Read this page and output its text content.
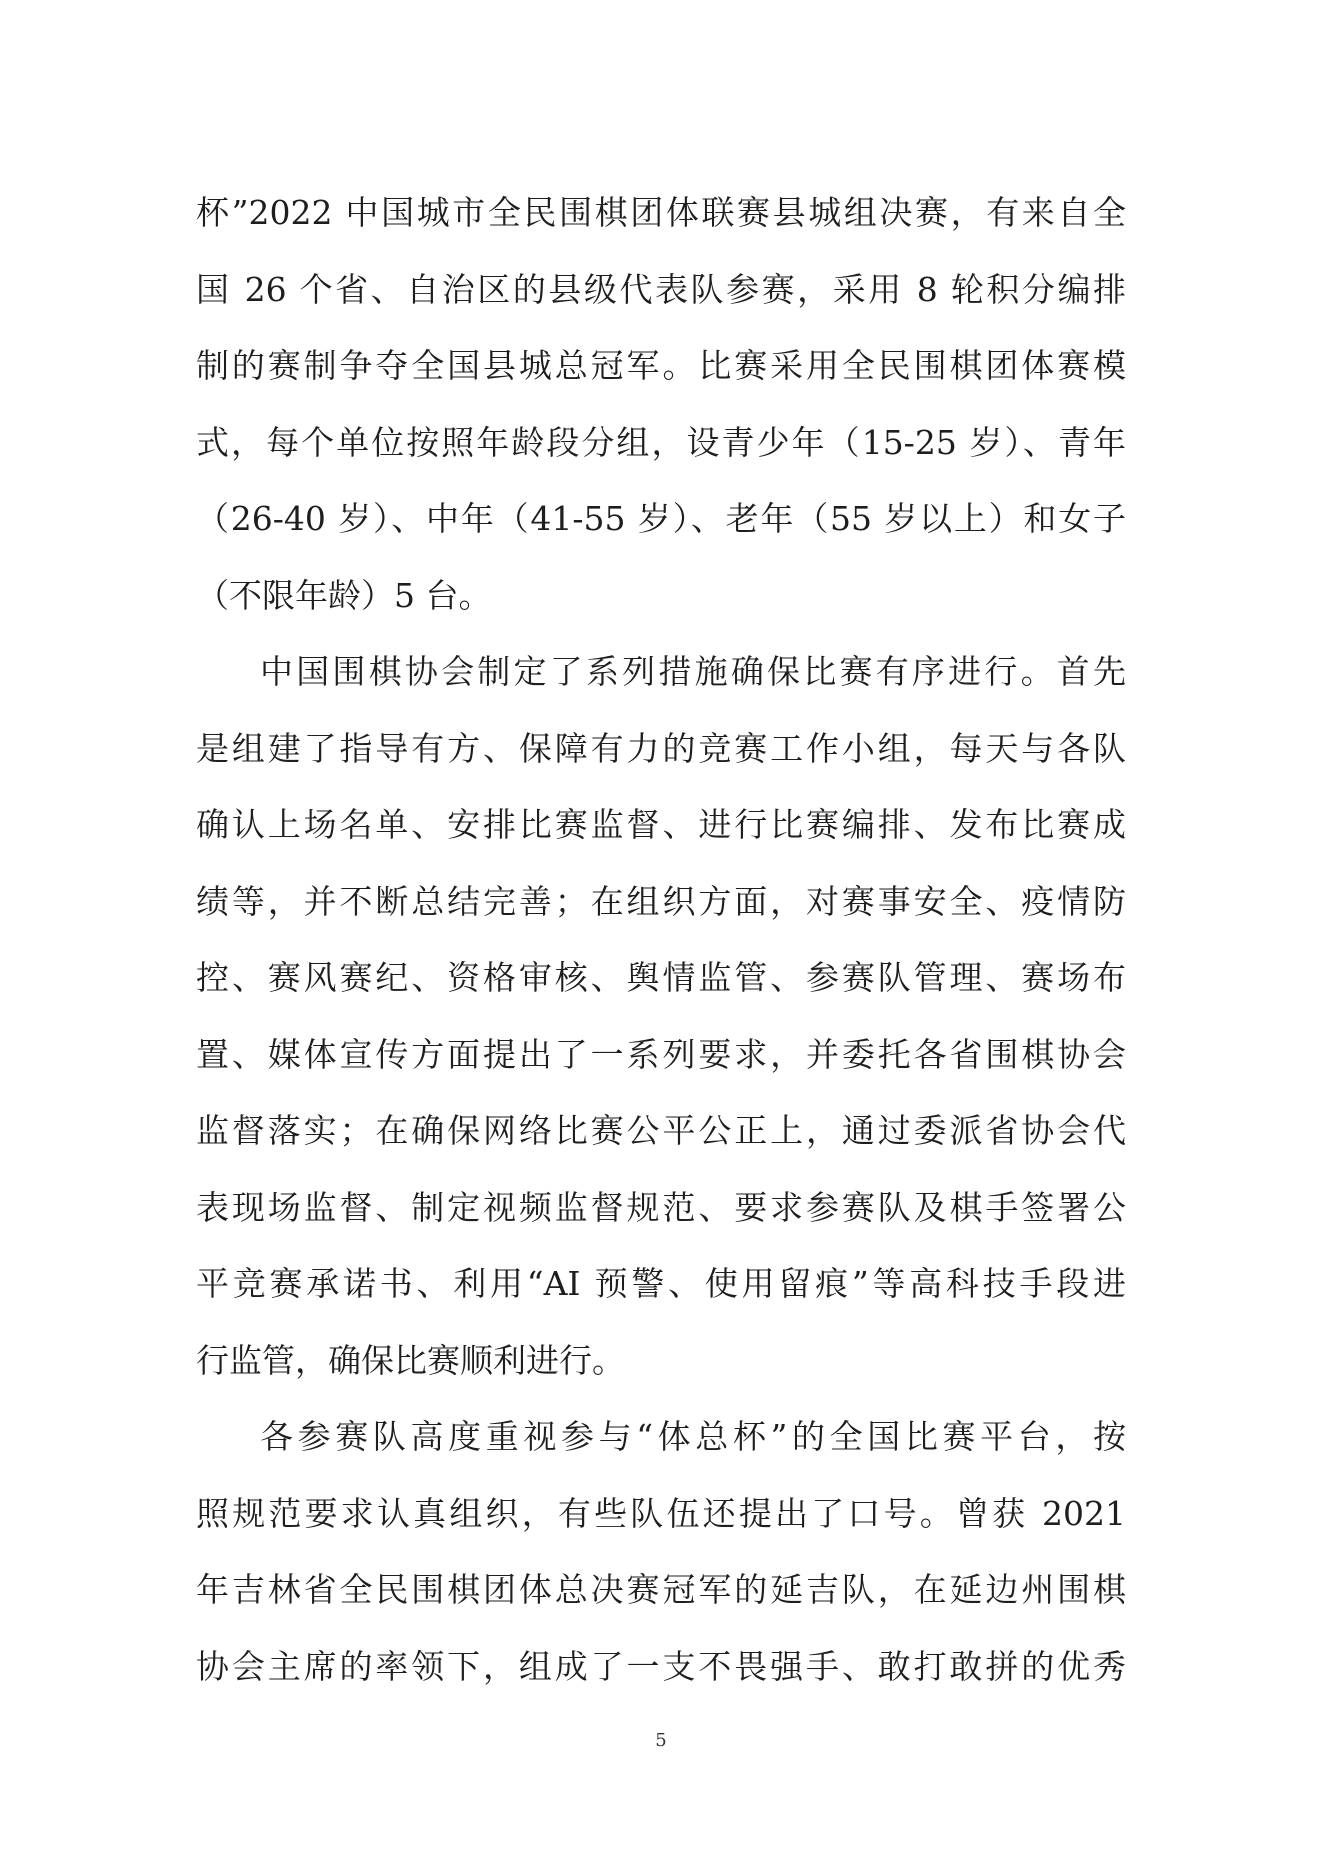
杯”2022 中国城市全民围棋团体联赛县城组决赛，有来自全
国 26 个省、自治区的县级代表队参赛，采用 8 轮积分编排
制的赛制争夺全国县城总冠军。比赛采用全民围棋团体赛模
式，每个单位按照年龄段分组，设青少年（15-25 岁）、青年
（26-40 岁）、中年（41-55 岁）、老年（55 岁以上）和女子
（不限年龄）5 台。
中国围棋协会制定了系列措施确保比赛有序进行。首先
是组建了指导有方、保障有力的竞赛工作小组，每天与各队
确认上场名单、安排比赛监督、进行比赛编排、发布比赛成
绩等，并不断总结完善；在组织方面，对赛事安全、疫情防
控、赛风赛纪、资格审核、舆情监管、参赛队管理、赛场布
置、媒体宣传方面提出了一系列要求，并委托各省围棋协会
监督落实；在确保网络比赛公平公正上，通过委派省协会代
表现场监督、制定视频监督规范、要求参赛队及棋手签署公
平竞赛承诺书、利用“AI 预警、使用留痕”等高科技手段进
行监管，确保比赛顺利进行。
各参赛队高度重视参与“体总杯”的全国比赛平台，按
照规范要求认真组织，有些队伍还提出了口号。曾获 2021
年吉林省全民围棋团体总决赛冠军的延吉队，在延边州围棋
协会主席的率领下，组成了一支不畏强手、敢打敢拼的优秀
5
